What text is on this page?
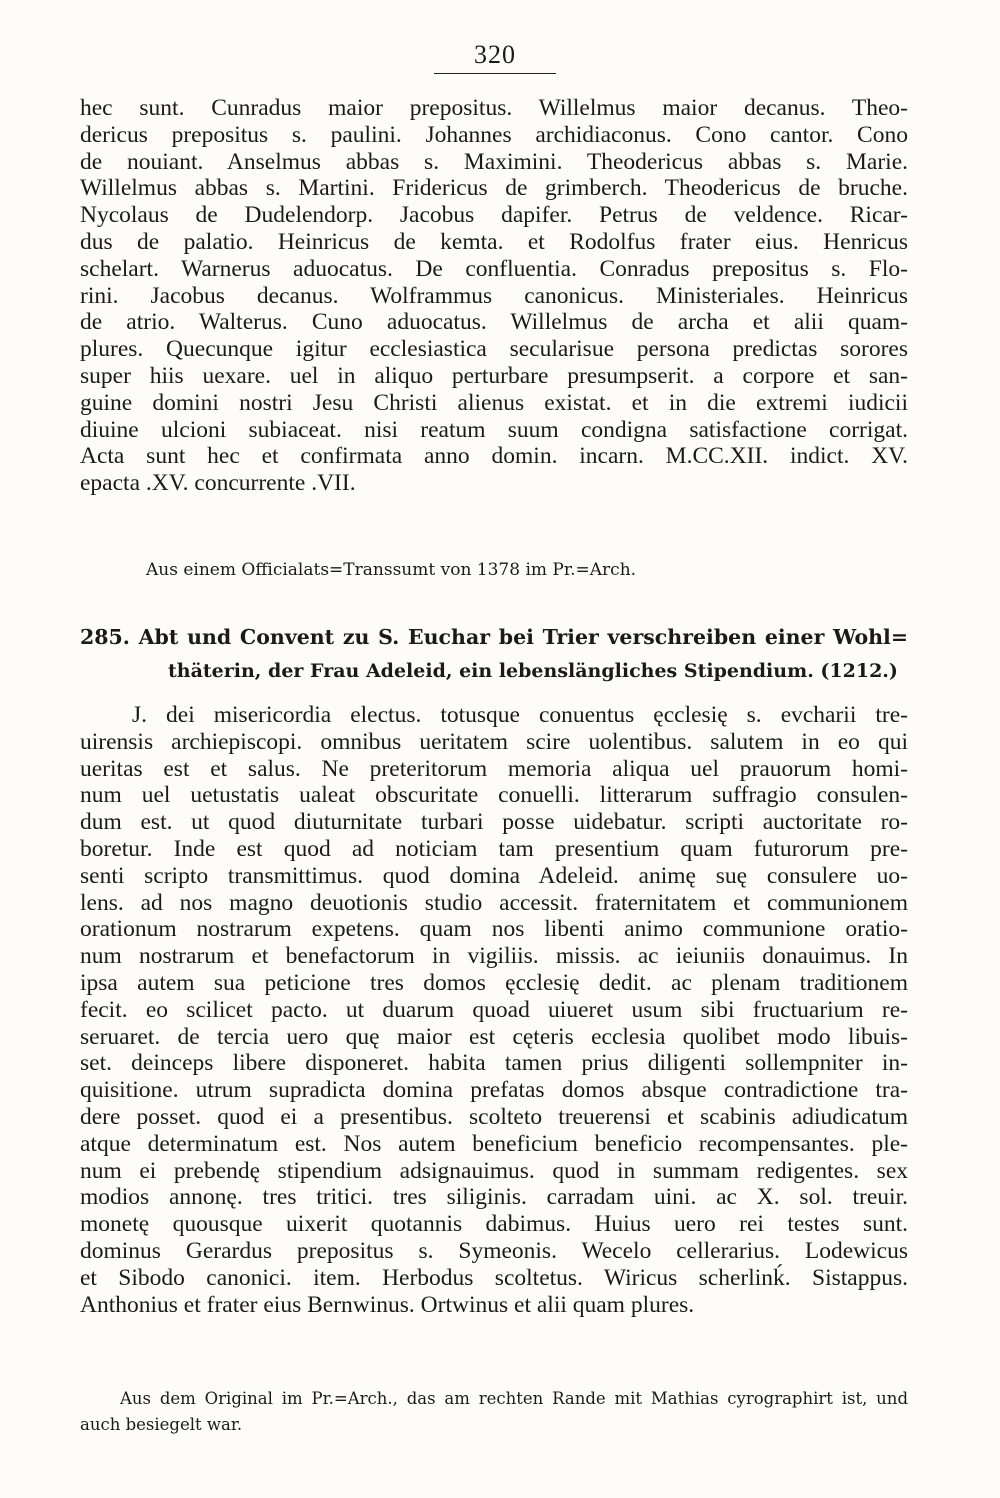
320
hec sunt. Cunradus maior prepositus. Willelmus maior decanus. Theo-
dericus prepositus s. paulini. Johannes archidiaconus. Cono cantor. Cono
de nouiant. Anselmus abbas s. Maximini. Theodericus abbas s. Marie.
Willelmus abbas s. Martini. Fridericus de grimberch. Theodericus de bruche.
Nycolaus de Dudelendorp. Jacobus dapifer. Petrus de veldence. Ricar-
dus de palatio. Heinricus de kemta. et Rodolfus frater eius. Henricus
schelart. Warnerus aduocatus. De confluentia. Conradus prepositus s. Flo-
rini. Jacobus decanus. Wolframmus canonicus. Ministeriales. Heinricus
de atrio. Walterus. Cuno aduocatus. Willelmus de archa et alii quam-
plures. Quecunque igitur ecclesiastica secularisue persona predictas sorores
super hiis uexare. uel in aliquo perturbare presumpserit. a corpore et san-
guine domini nostri Jesu Christi alienus existat. et in die extremi iudicii
diuine ulcioni subiaceat. nisi reatum suum condigna satisfactione corrigat.
Acta sunt hec et confirmata anno domin. incarn. M.CC.XII. indict. XV.
epacta .XV. concurrente .VII.
Aus einem Officialats=Transsumt von 1378 im Pr.=Arch.
285. Abt und Convent zu S. Euchar bei Trier verschreiben einer Wohl=
thäterin, der Frau Adeleid, ein lebenslängliches Stipendium. (1212.)
J. dei misericordia electus. totusque conuentus ęcclesię s. evcharii tre-
uirensis archiepiscopi. omnibus ueritatem scire uolentibus. salutem in eo qui
ueritas est et salus. Ne preteritorum memoria aliqua uel prauorum homi-
num uel uetustatis ualeat obscuritate conuelli. litterarum suffragio consulen-
dum est. ut quod diuturnitate turbari posse uidebatur. scripti auctoritate ro-
boretur. Inde est quod ad noticiam tam presentium quam futurorum pre-
senti scripto transmittimus. quod domina Adeleid. animę suę consulere uo-
lens. ad nos magno deuotionis studio accessit. fraternitatem et communionem
orationum nostrarum expetens. quam nos libenti animo communione oratio-
num nostrarum et benefactorum in vigiliis. missis. ac ieiuniis donauimus. In
ipsa autem sua peticione tres domos ęcclesię dedit. ac plenam traditionem
fecit. eo scilicet pacto. ut duarum quoad uiueret usum sibi fructuarium re-
seruaret. de tercia uero quę maior est cęteris ecclesia quolibet modo libuis-
set. deinceps libere disponeret. habita tamen prius diligenti sollempniter in-
quisitione. utrum supradicta domina prefatas domos absque contradictione tra-
dere posset. quod ei a presentibus. scolteto treuerensi et scabinis adiudicatum
atque determinatum est. Nos autem beneficium beneficio recompensantes. ple-
num ei prebendę stipendium adsignauimus. quod in summam redigentes. sex
modios annonę. tres tritici. tres siliginis. carradam uini. ac X. sol. treuir.
monetę quousque uixerit quotannis dabimus. Huius uero rei testes sunt.
dominus Gerardus prepositus s. Symeonis. Wecelo cellerarius. Lodewicus
et Sibodo canonici. item. Herbodus scoltetus. Wiricus scherlinḱ. Sistappus.
Anthonius et frater eius Bernwinus. Ortwinus et alii quam plures.
Aus dem Original im Pr.=Arch., das am rechten Rande mit Mathias cyrographirt ist, und
auch besiegelt war.
